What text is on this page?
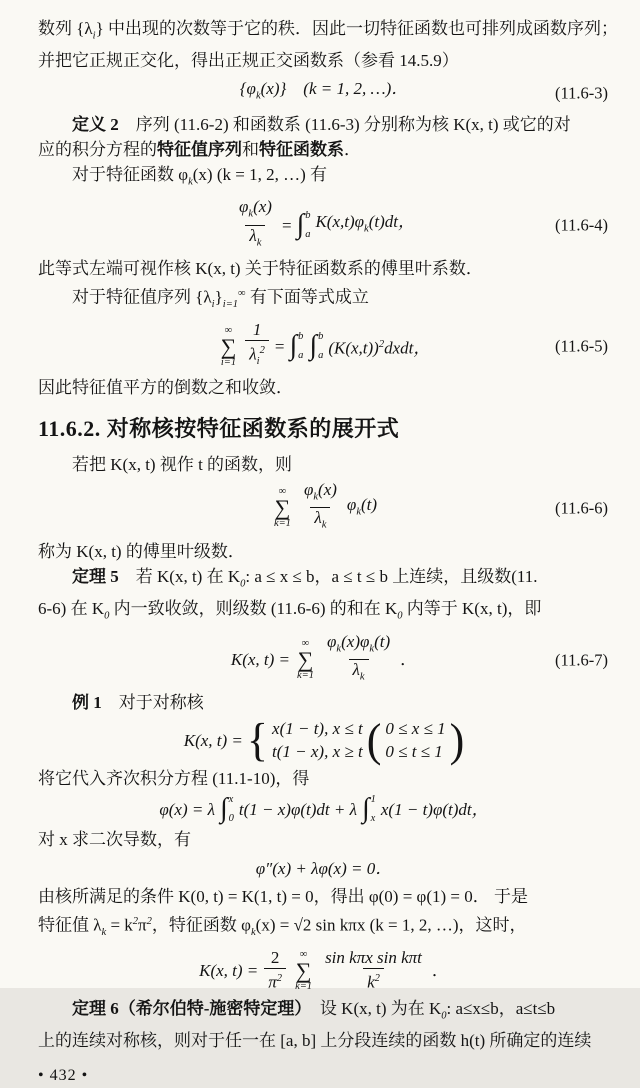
数列 $\{\lambda_i\}$ 中出现的次数等于它的秩．因此一切特征函数也可排列成函数序列；
并把它正规正交化，得出正规正交函数系（参看 14.5.9）
$\{\varphi_k(x)\}$　(k = 1, 2, …)．	(11.6-3)
定义 2　序列 (11.6-2) 和函数系 (11.6-3) 分别称为核 K(x, t) 或它的对
应的积分方程的特征值序列和特征函数系．
对于特征函数 $\varphi_k(x) (k = 1$, 2, …) 有
$\frac{\varphi_k(x)}{\lambda_k}$ = ∫ b
a
$K(x,t)\varphi_k(t)dt$，	(11.6-4)
此等式左端可视作核 K(x, t) 关于特征函数系的傅里叶系数．
对于特征值序列 $\{\lambda_i\}_{i=1}^\infty$ 有下面等式成立
∞
∑
$i=1 \frac{1}{\lambda_i^2}$ = ∫ b
a ∫ b
a $(K(x,t))^2dxdt$，	(11.6-5)
因此特征值平方的倒数之和收敛．
11.6.2. 对称核按特征函数系的展开式
若把 K(x, t) 视作 t 的函数，则
∞
∑
$k=1 \frac{\varphi_k(x)}{\lambda_k} \varphi_k(t)$	(11.6-6)
称为 K(x, t) 的傅里叶级数．
定理 5　若 K(x, t) 在 $K_0$: a ≤ x ≤ b，a ≤ t ≤ b 上连续，且级数(11.
6-6) 在 $K_0$ 内一致收敛，则级数 (11.6-6) 的和在 $K_0$ 内等于 K(x, t)，即
K(x, t) =
∞
∑
$k=1 \frac{\varphi_k(x)\varphi_k(t)}{\lambda_k}$ ．	(11.6-7)
例 1　对于对称核
K(x, t) = { x(1 − t), x ≤ t
t(1 − x), x ≥ t ( 0 ≤ x ≤ 1
0 ≤ t ≤ 1 )
将它代入齐次积分方程 (11.1-10)，得
φ(x) = λ ∫ x
0 t(1 − x)φ(t)dt + λ ∫ 1
x x(1 − t)φ(t)dt，
对 x 求二次导数，有
φ″(x) + λφ(x) = 0．
由核所满足的条件 K(0, t) = K(1, t) = 0，得出 φ(0) = φ(1) = 0． 于是
特征值 $\lambda_k = k^2\pi^2$，特征函数 $\varphi_k(x) = √2$ sin kπx (k = 1, 2, …)，这时，
K(x, $t) = \frac{2}{\pi^2}$ ∞
∑
$k=1 \frac{\text{sin kπx sin kπt}}{k^2}$ ．
定理 6（希尔伯特-施密特定理）　设 K(x, t) 为在 $K_0$: a≤x≤b，a≤t≤b
上的连续对称核，则对于任一在 [a, b] 上分段连续的函数 h(t) 所确定的连续
• 432 •
